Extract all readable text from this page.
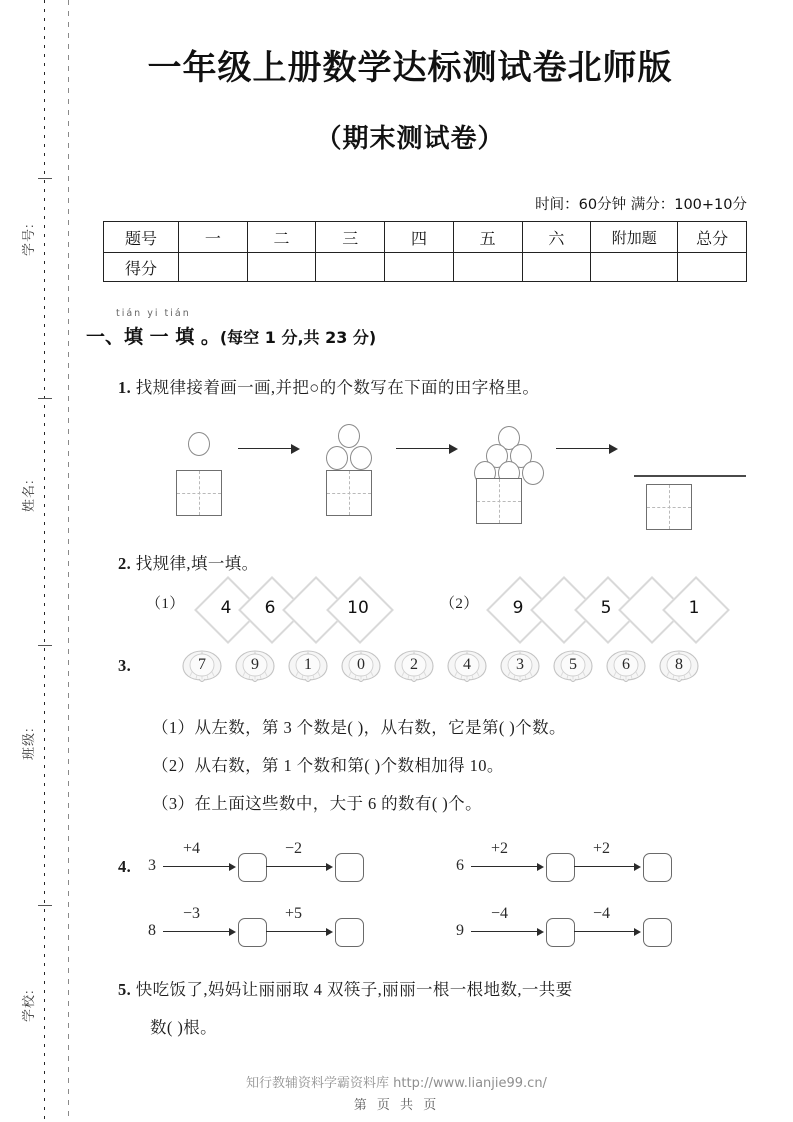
学号:
姓名:
班级:
学校:
一年级上册数学达标测试卷北师版
（期末测试卷）
时间：60分钟 满分：100+10分
题号	一	二	三	四	五	六	附加题	总分
得分								
tián yi tián
一、填 一 填 。(每空 1 分,共 23 分)
1. 找规律接着画一画,并把○的个数写在下面的田字格里。
2. 找规律,填一填。
（1）	4	6	10	（2）	9	5	1
3.	7	9	1	0	2	4	3	5	6	8
（1）从左数，第 3 个数是( )，从右数，它是第( )个数。
（2）从右数，第 1 个数和第( )个数相加得 10。
（3）在上面这些数中，大于 6 的数有( )个。
4. 3
+4	−2
6
+2	+2
8
−3	+5
9
−4	−4
5. 快吃饭了,妈妈让丽丽取 4 双筷子,丽丽一根一根地数,一共要
数( )根。
知行教辅资料学霸资料库 http://www.lianjie99.cn/
第 页 共 页
